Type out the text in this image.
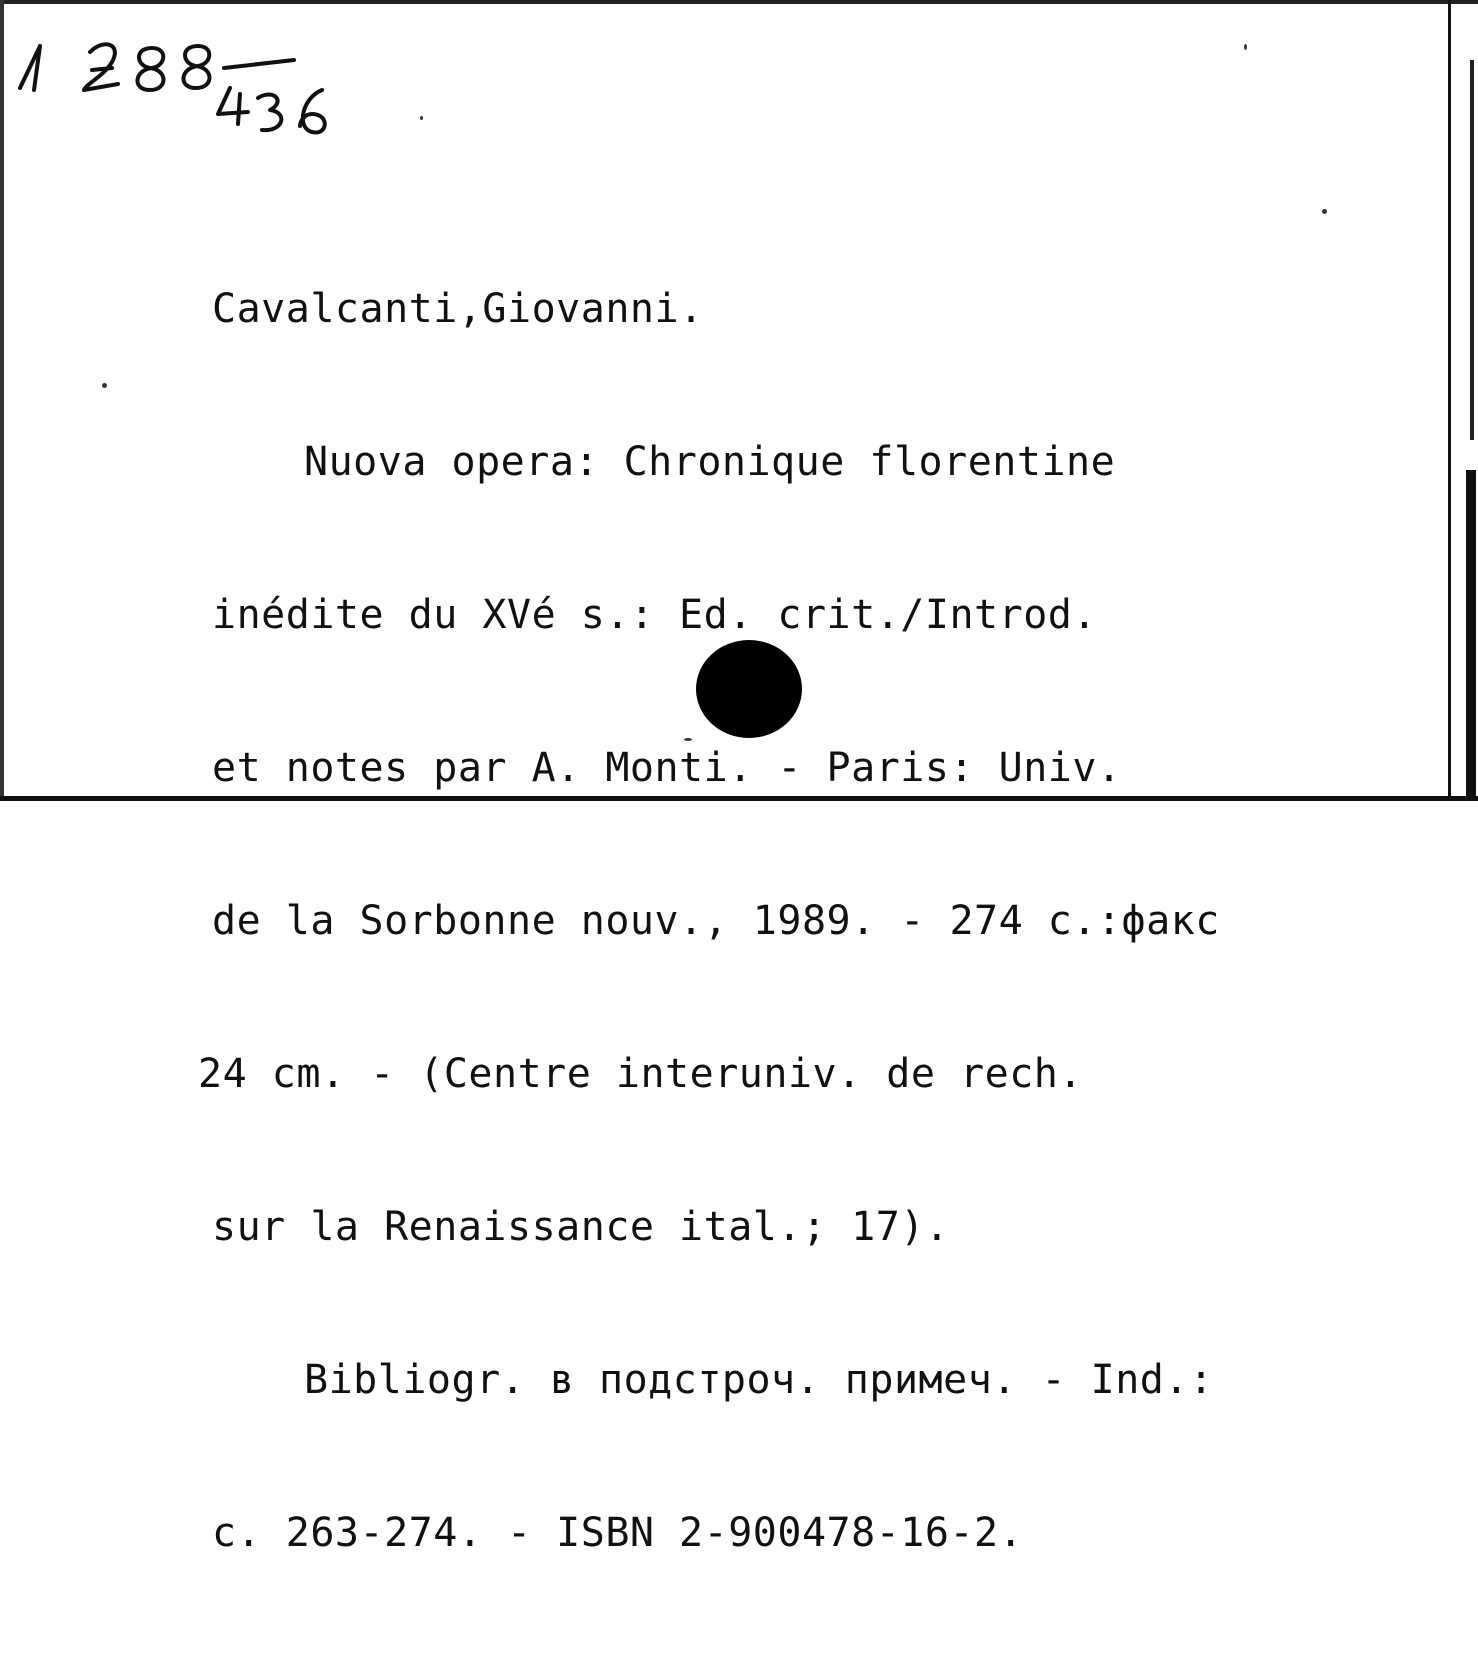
Cavalcanti,Giovanni.

Nuova opera: Chronique florentine

inédite du XVé s.: Ed. crit./Introd.

et notes par A. Monti. - Paris: Univ.

de la Sorbonne nouv., 1989. - 274 c.:факс

24 cm. - (Centre interuniv. de rech.

sur la Renaissance ital.; 17).

Bibliogr. в подстроч. примеч. - Ind.:

c. 263-274. - ISBN 2-900478-16-2.
